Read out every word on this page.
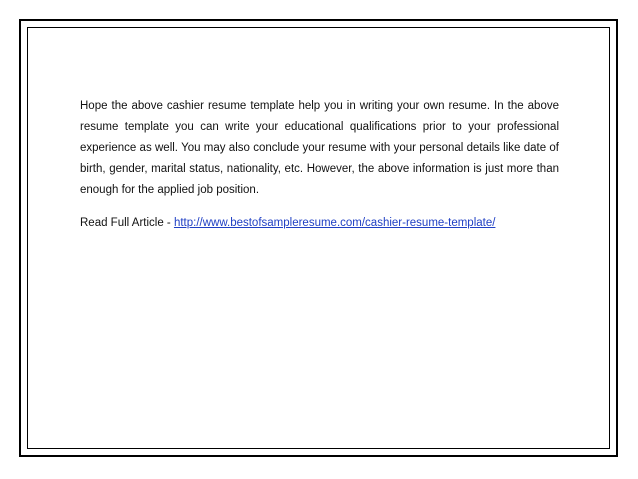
Hope the above cashier resume template help you in writing your own resume. In the above resume template you can write your educational qualifications prior to your professional experience as well. You may also conclude your resume with your personal details like date of birth, gender, marital status, nationality, etc. However, the above information is just more than enough for the applied job position.

Read Full Article - http://www.bestofsampleresume.com/cashier-resume-template/
